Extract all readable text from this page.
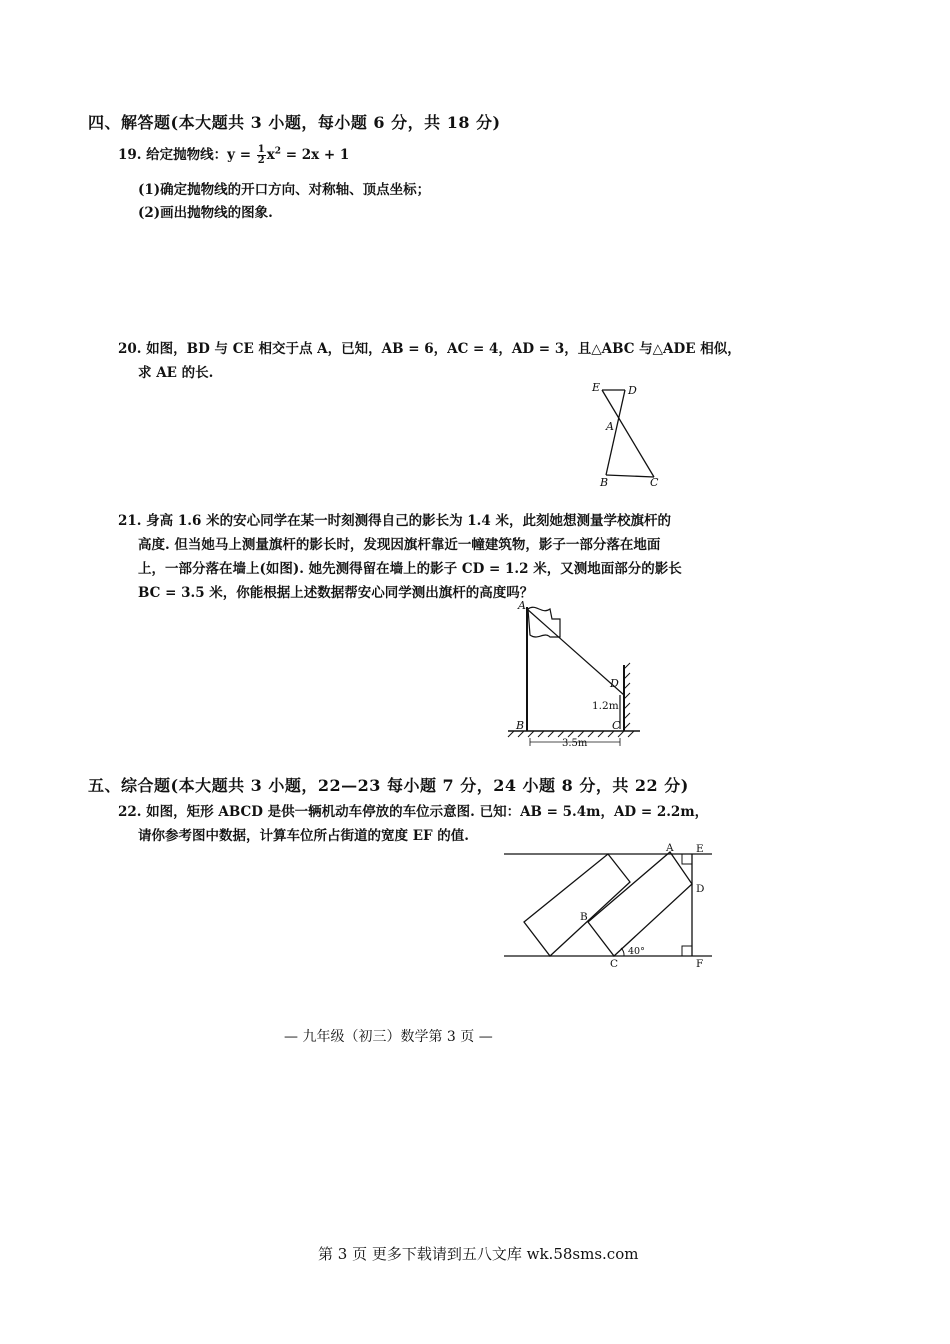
四、解答题(本大题共 3 小题，每小题 6 分，共 18 分)
19. 给定抛物线：$y = \frac{1}{2} x^2 = 2x + 1$
(1)确定抛物线的开口方向、对称轴、顶点坐标；
(2)画出抛物线的图象.
20. 如图，BD 与 CE 相交于点 A，已知，AB = 6，AC = 4，AD = 3，且△ABC 与△ADE 相似，
求 AE 的长.
E	D
A
B	C
21. 身高 1.6 米的安心同学在某一时刻测得自己的影长为 1.4 米，此刻她想测量学校旗杆的
高度. 但当她马上测量旗杆的影长时，发现因旗杆靠近一幢建筑物，影子一部分落在地面
上，一部分落在墙上(如图). 她先测得留在墙上的影子 CD = 1.2 米，又测地面部分的影长
BC = 3.5 米，你能根据上述数据帮安心同学测出旗杆的高度吗？
A
B
D
C
1.2m
3.5m
五、综合题(本大题共 3 小题，22—23 每小题 7 分，24 小题 8 分，共 22 分)
22. 如图，矩形 ABCD 是供一辆机动车停放的车位示意图. 已知：AB = 5.4m，AD = 2.2m，
请你参考图中数据，计算车位所占街道的宽度 EF 的值.
A E
D
B
C	F
40°
— 九年级（初三）数学第 3 页 —
第 3 页 更多下载请到五八文库 wk.58sms.com
